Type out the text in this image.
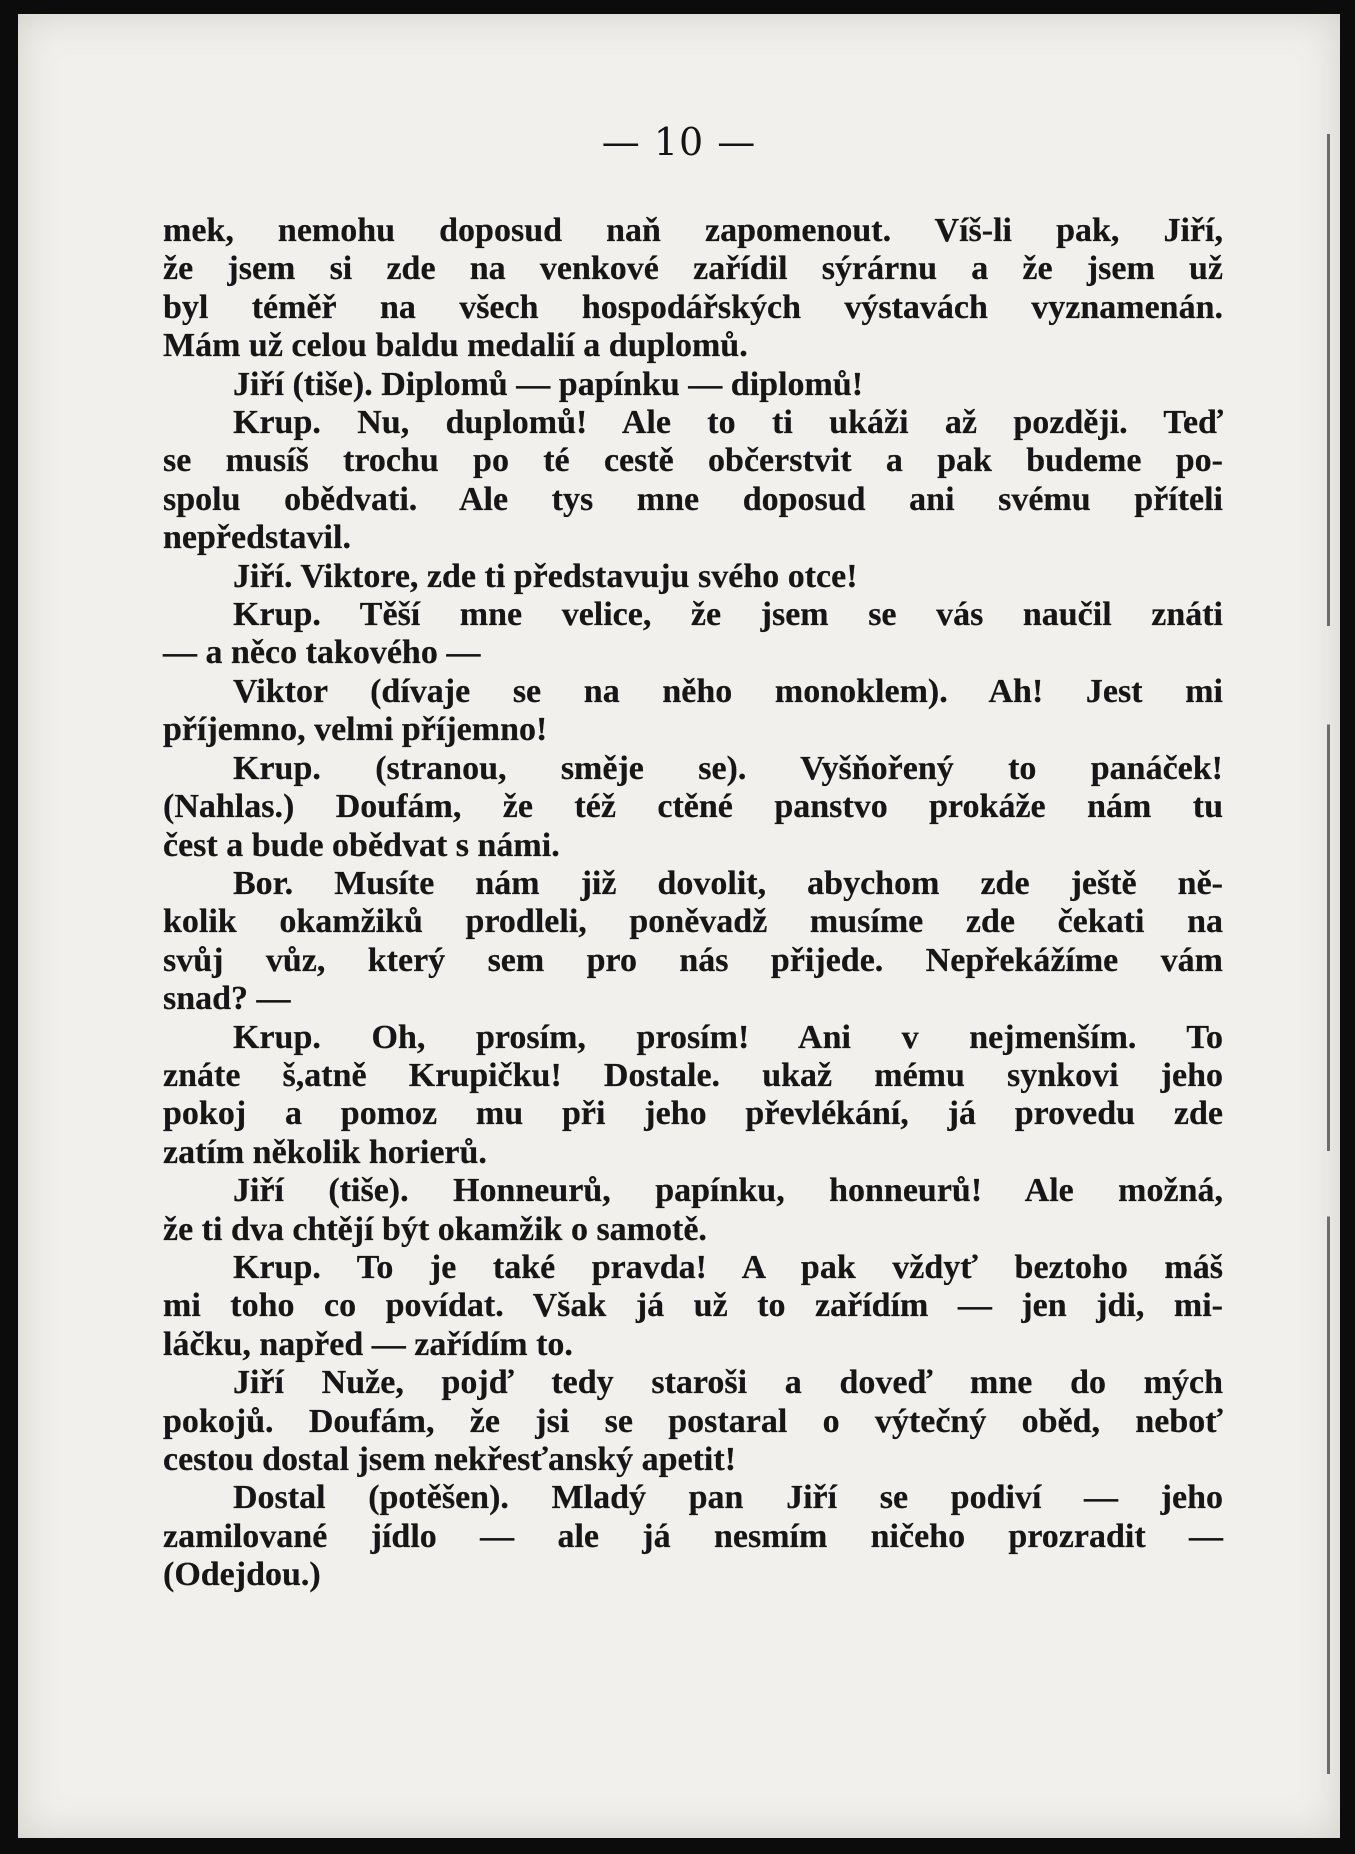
— 10 —
mek, nemohu doposud naň zapomenout. Víš-li pak, Jiří,
že jsem si zde na venkové zařídil sýrárnu a že jsem už
byl téměř na všech hospodářských výstavách vyznamenán.
Mám už celou baldu medalií a duplomů.
Jiří (tiše). Diplomů — papínku — diplomů!
Krup. Nu, duplomů! Ale to ti ukáži až později. Teď
se musíš trochu po té cestě občerstvit a pak budeme po-
spolu obědvati. Ale tys mne doposud ani svému příteli
nepředstavil.
Jiří. Viktore, zde ti představuju svého otce!
Krup. Těší mne velice, že jsem se vás naučil znáti
— a něco takového —
Viktor (dívaje se na něho monoklem). Ah! Jest mi
příjemno, velmi příjemno!
Krup. (stranou, směje se). Vyšňořený to panáček!
(Nahlas.) Doufám, že též ctěné panstvo prokáže nám tu
čest a bude obědvat s námi.
Bor. Musíte nám již dovolit, abychom zde ještě ně-
kolik okamžiků prodleli, poněvadž musíme zde čekati na
svůj vůz, který sem pro nás přijede. Nepřekážíme vám
snad? —
Krup. Oh, prosím, prosím! Ani v nejmenším. To
znáte š,atně Krupičku! Dostale. ukaž mému synkovi jeho
pokoj a pomoz mu při jeho převlékání, já provedu zde
zatím několik horierů.
Jiří (tiše). Honneurů, papínku, honneurů! Ale možná,
že ti dva chtějí být okamžik o samotě.
Krup. To je také pravda! A pak vždyť beztoho máš
mi toho co povídat. Však já už to zařídím — jen jdi, mi-
láčku, napřed — zařídím to.
Jiří Nuže, pojď tedy staroši a doveď mne do mých
pokojů. Doufám, že jsi se postaral o výtečný oběd, neboť
cestou dostal jsem nekřesťanský apetit!
Dostal (potěšen). Mladý pan Jiří se podiví — jeho
zamilované jídlo — ale já nesmím ničeho prozradit —
(Odejdou.)
